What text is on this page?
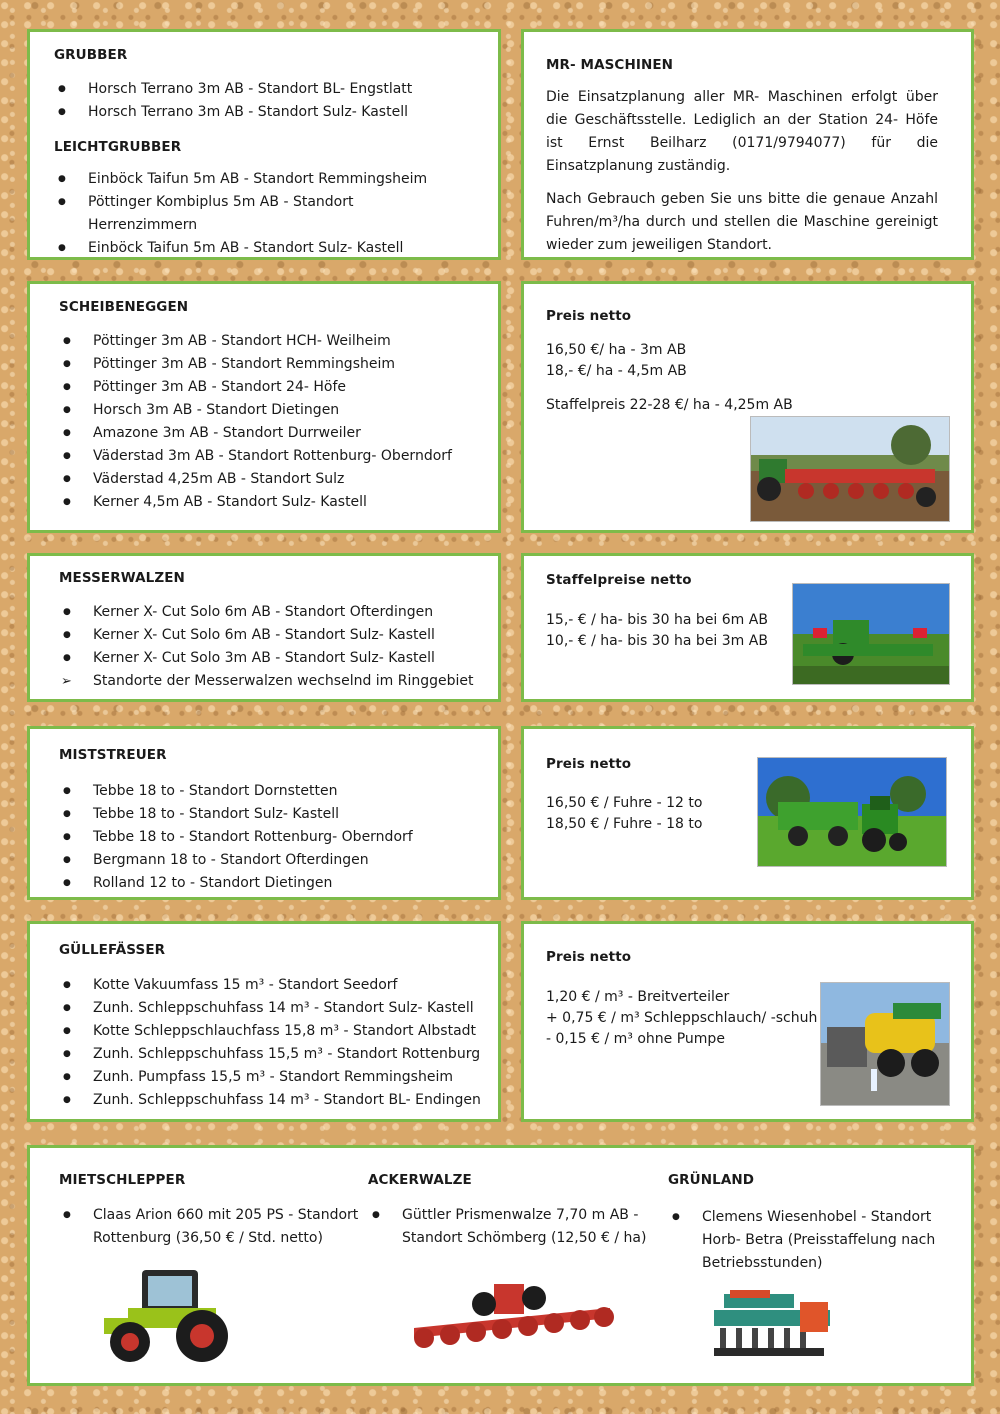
GRUBBER
● Horsch Terrano 3m AB - Standort BL- Engstlatt
● Horsch Terrano 3m AB - Standort Sulz- Kastell
LEICHTGRUBBER
● Einböck Taifun 5m AB - Standort Remmingsheim
● Pöttinger Kombiplus 5m AB - Standort Herrenzimmern
● Einböck Taifun 5m AB - Standort Sulz- Kastell
MR- MASCHINEN

Die Einsatzplanung aller MR- Maschinen erfolgt über die Geschäftsstelle. Lediglich an der Station 24- Höfe ist Ernst Beilharz (0171/9794077) für die Einsatzplanung zuständig.

Nach Gebrauch geben Sie uns bitte die genaue Anzahl Fuhren/m³/ha durch und stellen die Maschine gereinigt wieder zum jeweiligen Standort.

SCHEIBENEGGEN
● Pöttinger 3m AB - Standort HCH- Weilheim
● Pöttinger 3m AB - Standort Remmingsheim
● Pöttinger 3m AB - Standort 24- Höfe
● Horsch 3m AB - Standort Dietingen
● Amazone 3m AB - Standort Durrweiler
● Väderstad 3m AB - Standort Rottenburg- Oberndorf
● Väderstad 4,25m AB - Standort Sulz
● Kerner 4,5m AB - Standort Sulz- Kastell
Preis netto

16,50 €/ ha - 3m AB

18,- €/ ha - 4,5m AB

Staffelpreis 22-28 €/ ha - 4,25m AB

MESSERWALZEN
● Kerner X- Cut Solo 6m AB - Standort Ofterdingen
● Kerner X- Cut Solo 6m AB - Standort Sulz- Kastell
● Kerner X- Cut Solo 3m AB - Standort Sulz- Kastell
➢ Standorte der Messerwalzen wechselnd im Ringgebiet
Staffelpreise netto

15,- € / ha- bis 30 ha bei 6m AB

10,- € / ha- bis 30 ha bei 3m AB

MISTSTREUER
● Tebbe 18 to - Standort Dornstetten
● Tebbe 18 to - Standort Sulz- Kastell
● Tebbe 18 to - Standort Rottenburg- Oberndorf
● Bergmann 18 to - Standort Ofterdingen
● Rolland 12 to - Standort Dietingen
Preis netto

16,50 € / Fuhre - 12 to

18,50 € / Fuhre - 18 to

GÜLLEFÄSSER
● Kotte Vakuumfass 15 m³ - Standort Seedorf
● Zunh. Schleppschuhfass 14 m³ - Standort Sulz- Kastell
● Kotte Schleppschlauchfass 15,8 m³ - Standort Albstadt
● Zunh. Schleppschuhfass 15,5 m³ - Standort Rottenburg
● Zunh. Pumpfass 15,5 m³ - Standort Remmingsheim
● Zunh. Schleppschuhfass 14 m³ - Standort BL- Endingen
Preis netto

1,20 € / m³ - Breitverteiler

+ 0,75 € / m³ Schleppschlauch/ -schuh

- 0,15 € / m³ ohne Pumpe

MIETSCHLEPPER
● Claas Arion 660 mit 205 PS - Standort Rottenburg (36,50 € / Std. netto)
ACKERWALZE
● Güttler Prismenwalze 7,70 m AB - Standort Schömberg (12,50 € / ha)
GRÜNLAND
● Clemens Wiesenhobel - Standort Horb- Betra (Preisstaffelung nach Betriebsstunden)
